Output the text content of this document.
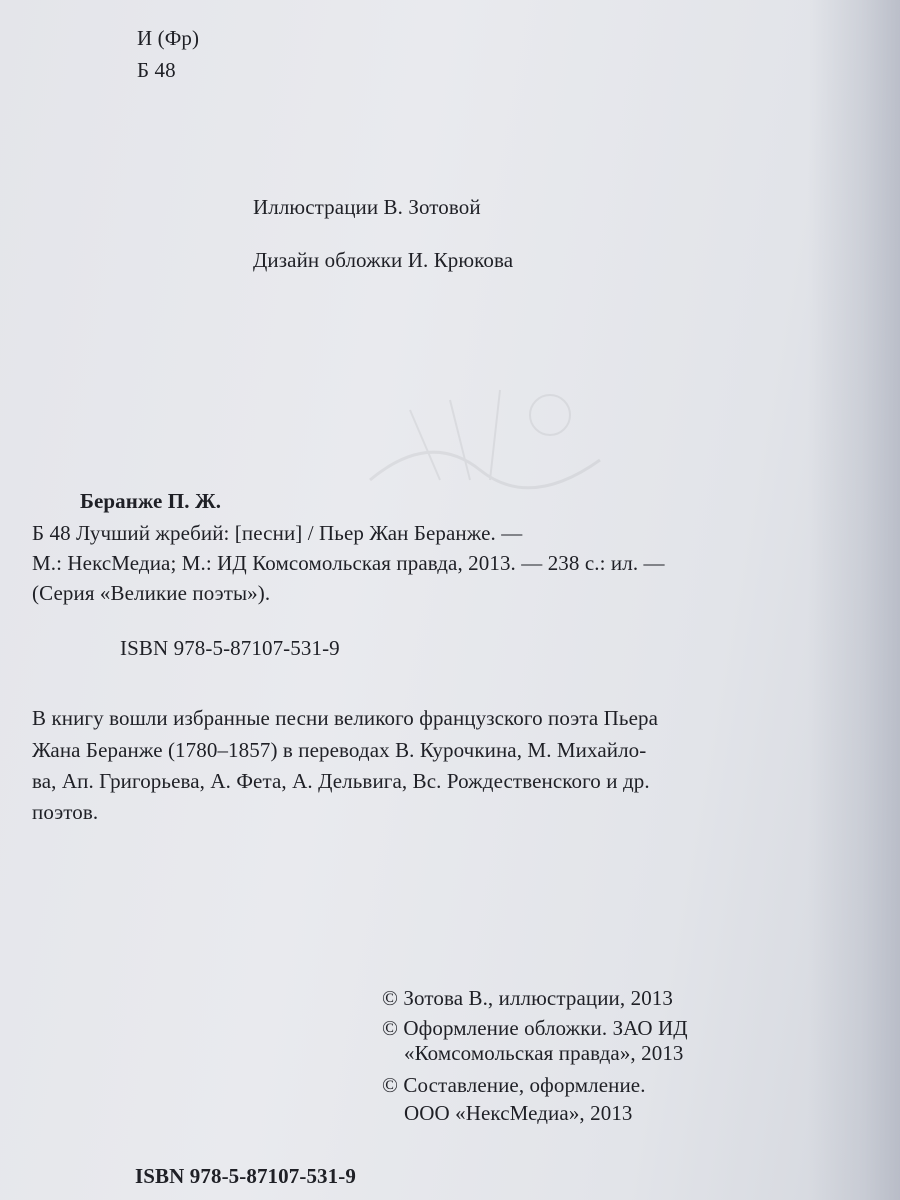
И (Фр)
Б 48
Иллюстрации В. Зотовой
Дизайн обложки И. Крюкова
Беранже П. Ж.
Б 48 Лучший жребий: [песни] / Пьер Жан Беранже. —
М.: НексМедиа; М.: ИД Комсомольская правда, 2013. — 238 с.: ил. —
(Серия «Великие поэты»).
ISBN 978-5-87107-531-9
В книгу вошли избранные песни великого французского поэта Пьера
Жана Беранже (1780–1857) в переводах В. Курочкина, М. Михайло-
ва, Ап. Григорьева, А. Фета, А. Дельвига, Вс. Рождественского и др.
поэтов.
© Зотова В., иллюстрации, 2013
© Оформление обложки. ЗАО ИД
«Комсомольская правда», 2013
© Составление, оформление.
ООО «НексМедиа», 2013
ISBN 978-5-87107-531-9
